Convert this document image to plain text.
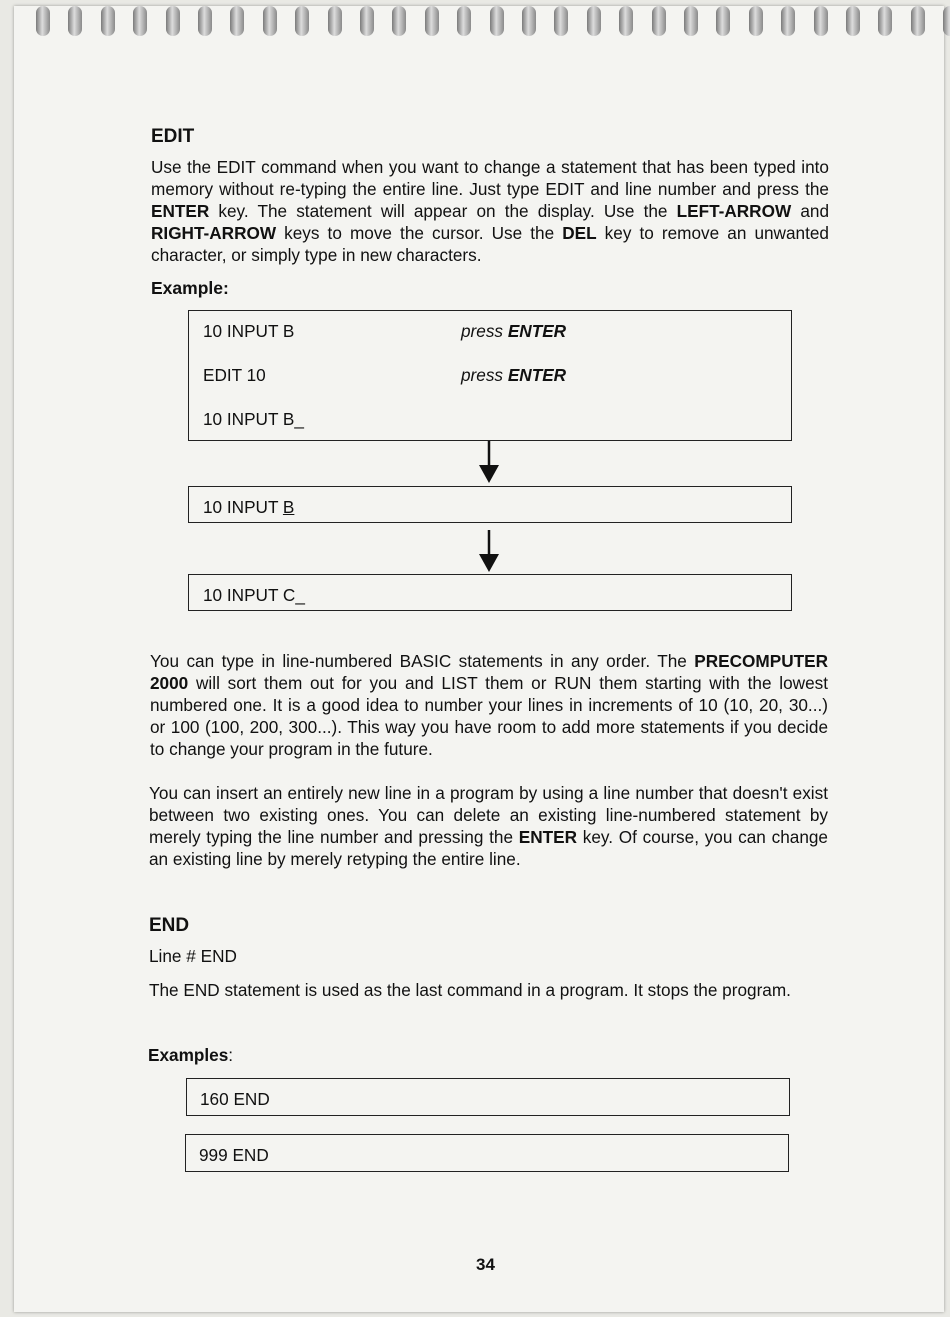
EDIT
Use the EDIT command when you want to change a statement that has been typed into memory without re-typing the entire line. Just type EDIT and line number and press the ENTER key. The statement will appear on the display. Use the LEFT-ARROW and RIGHT-ARROW keys to move the cursor. Use the DEL key to remove an unwanted character, or simply type in new characters.
Example:
10 INPUT B	press ENTER
EDIT 10	press ENTER
10 INPUT B_
10 INPUT B
10 INPUT C_
You can type in line-numbered BASIC statements in any order. The PRECOMPUTER 2000 will sort them out for you and LIST them or RUN them starting with the lowest numbered one. It is a good idea to number your lines in increments of 10 (10, 20, 30...) or 100 (100, 200, 300...). This way you have room to add more statements if you decide to change your program in the future.
You can insert an entirely new line in a program by using a line number that doesn't exist between two existing ones. You can delete an existing line-numbered statement by merely typing the line number and pressing the ENTER key. Of course, you can change an existing line by merely retyping the entire line.
END
Line # END
The END statement is used as the last command in a program. It stops the program.
Examples:
160 END
999 END
34
